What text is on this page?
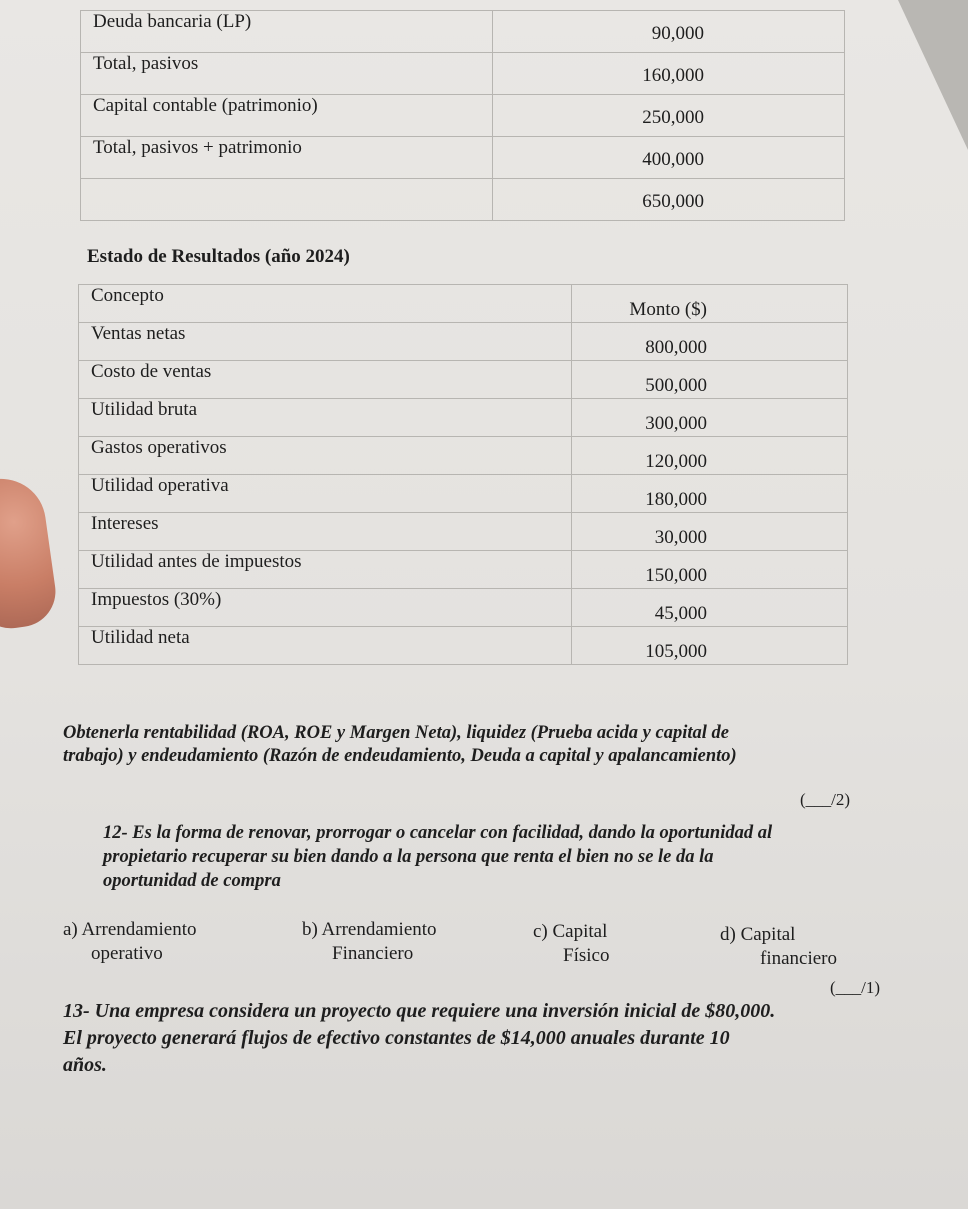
Deuda bancaria (LP)	90,000
Total, pasivos	160,000
Capital contable (patrimonio)	250,000
Total, pasivos + patrimonio	400,000
	650,000
Estado de Resultados (año 2024)
Concepto	Monto ($)
Ventas netas	800,000
Costo de ventas	500,000
Utilidad bruta	300,000
Gastos operativos	120,000
Utilidad operativa	180,000
Intereses	30,000
Utilidad antes de impuestos	150,000
Impuestos (30%)	45,000
Utilidad neta	105,000
Obtenerla rentabilidad (ROA, ROE y Margen Neta), liquidez (Prueba acida y capital de
trabajo) y endeudamiento (Razón de endeudamiento, Deuda a capital y apalancamiento)
(___/2)
12- Es la forma de renovar, prorrogar o cancelar con facilidad, dando la oportunidad al
propietario recuperar su bien dando a la persona que renta el bien no se le da la
oportunidad de compra
a) Arrendamiento
operativo
b) Arrendamiento
Financiero
c) Capital
Físico
d) Capital
financiero
(___/1)
13- Una empresa considera un proyecto que requiere una inversión inicial de $80,000.
El proyecto generará flujos de efectivo constantes de $14,000 anuales durante 10
años.
